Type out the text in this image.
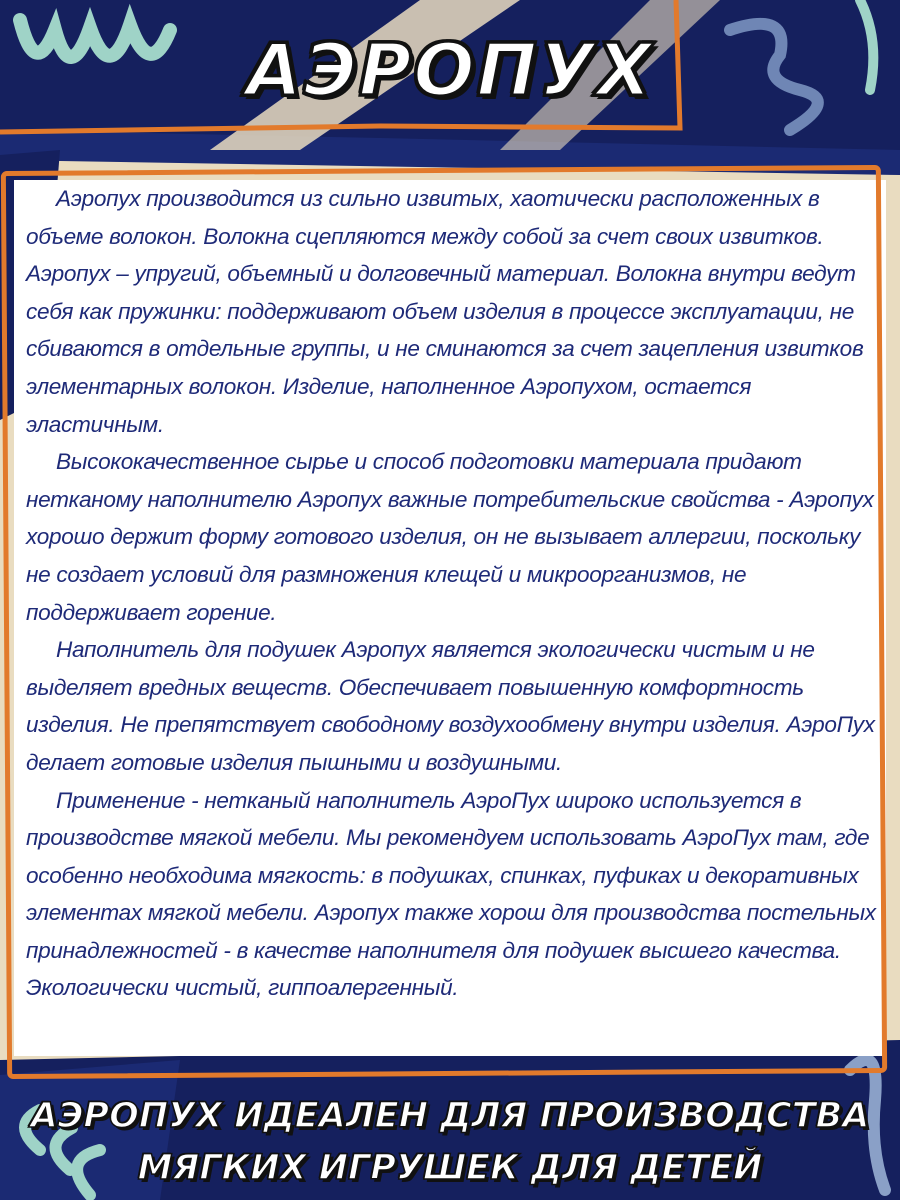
АЭРОПУХ

Аэропух производится из сильно извитых, хаотически расположенных в объеме волокон. Волокна сцепляются между собой за счет своих извитков. Аэропух – упругий, объемный и долговечный материал. Волокна внутри ведут себя как пружинки: поддерживают объем изделия в процессе эксплуатации, не сбиваются в отдельные группы, и не сминаются за счет зацепления извитков элементарных волокон. Изделие, наполненное Аэропухом, остается эластичным.

Высококачественное сырье и способ подготовки материала придают нетканому наполнителю Аэропух важные потребительские свойства - Аэропух хорошо держит форму готового изделия, он не вызывает аллергии, поскольку не создает условий для размножения клещей и микроорганизмов, не поддерживает горение.

Наполнитель для подушек Аэропух является экологически чистым и не выделяет вредных веществ. Обеспечивает повышенную комфортность изделия. Не препятствует свободному воздухообмену внутри изделия. АэроПух делает готовые изделия пышными и воздушными.

Применение - нетканый наполнитель АэроПух широко используется в производстве мягкой мебели. Мы рекомендуем использовать АэроПух там, где особенно необходима мягкость: в подушках, спинках, пуфиках и декоративных элементах мягкой мебели. Аэропух также хорош для производства постельных принадлежностей - в качестве наполнителя для подушек высшего качества. Экологически чистый, гиппоалергенный.

АЭРОПУХ ИДЕАЛЕН ДЛЯ ПРОИЗВОДСТВА
МЯГКИХ ИГРУШЕК ДЛЯ ДЕТЕЙ
